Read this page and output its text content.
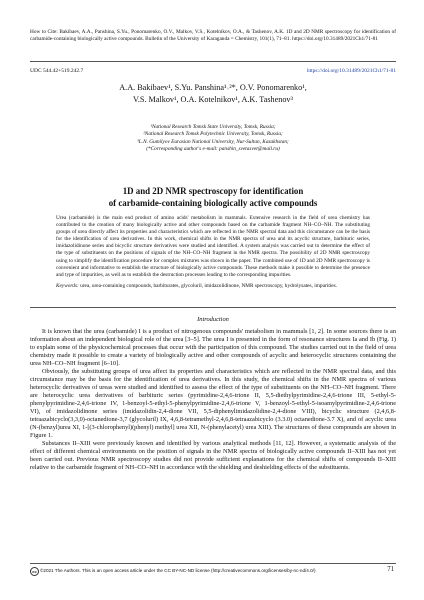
How to Cite: Bakibaev, A.A., Panshina, S.Yu., Ponomarenko, O.V., Malkov, V.S., Kotelnikov, O.A., & Tashenov, A.K. 1D and 2D NMR spectroscopy for identification of carbamide-containing biologically active compounds. Bulletin of the University of Karaganda = Chemistry, 101(1), 71–81. https://doi.org/10.31489/2021Ch1/71-81
UDC 544.42+519.242.7	https://doi.org/10.31489/2021Ch1/71-81
A.A. Bakibaev¹, S.Yu. Panshina¹˒²*, O.V. Ponomarenko¹,
V.S. Malkov¹, O.A. Kotelnikov¹, A.K. Tashenov³
¹National Research Tomsk State University, Tomsk, Russia;
²National Research Tomsk Polytechnic University, Tomsk, Russia;
³L.N. Gumilyov Eurasian National University, Nur-Sultan, Kazakhstan;
(*Corresponding author's e-mail: panshin_svetasvet@mail.ru)
1D and 2D NMR spectroscopy for identification
of carbamide-containing biologically active compounds
Urea (carbamide) is the main end product of amino acids' metabolism in mammals. Extensive research in the field of urea chemistry has contributed to the creation of many biologically active and other compounds based on the carbamide fragment NH–CO–NH. The substituting groups of urea directly affect its properties and characteristics which are reflected in the NMR spectral data and this circumstance can be the basis for the identification of urea derivatives. In this work, chemical shifts in the NMR spectra of urea and its acyclic structure, barbituric series, imidazolidinone series and bicyclic structure derivatives were studied and identified. A system analysis was carried out to determine the effect of the type of substituents on the positions of signals of the NH–CO–NH fragment in the NMR spectra. The possibility of 2D NMR spectroscopy using to simplify the identification procedure for complex mixtures was shown in the paper. The combined use of 1D and 2D NMR spectroscopy is convenient and informative to establish the structure of biologically active compounds. These methods make it possible to determine the presence and type of impurities, as well as to establish the destruction processes leading to the corresponding impurities.
Keywords: urea, urea-containing compounds, barbiturates, glycoluril, imidazolidinone, NMR spectroscopy, hydrolysates, impurities.
Introduction

It is known that the urea (carbamide) I is a product of nitrogenous compounds' metabolism in mammals [1, 2]. In some sources there is an information about an independent biological role of the urea [3–5]. The urea I is presented in the form of resonance structures Ia and Ib (Fig. 1) to explain some of the physicochemical processes that occur with the participation of this compound. The studies carried out in the field of urea chemistry made it possible to create a variety of biologically active and other compounds of acyclic and heterocyclic structures containing the urea NH–CO–NH fragment [6–10].

Obviously, the substituting groups of urea affect its properties and characteristics which are reflected in the NMR spectral data, and this circumstance may be the basis for the identification of urea derivatives. In this study, the chemical shifts in the NMR spectra of various heterocyclic derivatives of ureas were studied and identified to assess the effect of the type of substituents on the NH–CO–NH fragment. There are heterocyclic urea derivatives of barbituric series (pyrimidine-2,4,6-trione II, 5,5-diethylpyrimidine-2,4,6-trione III, 5-ethyl-5-phenylpyrimidine-2,4,6-trione IV, 1-benzoyl-5-ethyl-5-phenylpyrimidine-2,4,6-trione V, 1-benzoyl-5-ethyl-5-isoamylpyrimidine-2,4,6-trione VI), of imidazolidinone series (imidazolidin-2,4-dione VII, 5,5-diphenylimidazolidine-2,4-dione VIII), bicyclic structure (2,4,6,8-tetraazabicyclo(3,3,0)-octanedione-3,7 (glycoluril) IX, 4,6,8-tetramethyl-2,4,6,8-tetraazabicyclo (3.3.0) octanedione-3.7 X), and of acyclic urea (N-(benzyl)urea XI, 1-[(3-chlorophenyl)(phenyl) methyl] urea XII, N-(phenylacetyl) urea XIII). The structures of these compounds are shown in Figure 1.

Substances II–XIII were previously known and identified by various analytical methods [11, 12]. However, a systematic analysis of the effect of different chemical environments on the position of signals in the NMR spectra of biologically active compounds II–XIII has not yet been carried out. Previous NMR spectroscopy studies did not provide sufficient explanations for the chemical shifts of compounds II–XIII relative to the carbamide fragment of NH–CO–NH in accordance with the shielding and deshielding effects of the substituents.

cc ©2021 The Authors. This is an open access article under the CC BY-NC-ND license (http://creativecommons.org/licenses/by-nc-nd/4.0/)	71
